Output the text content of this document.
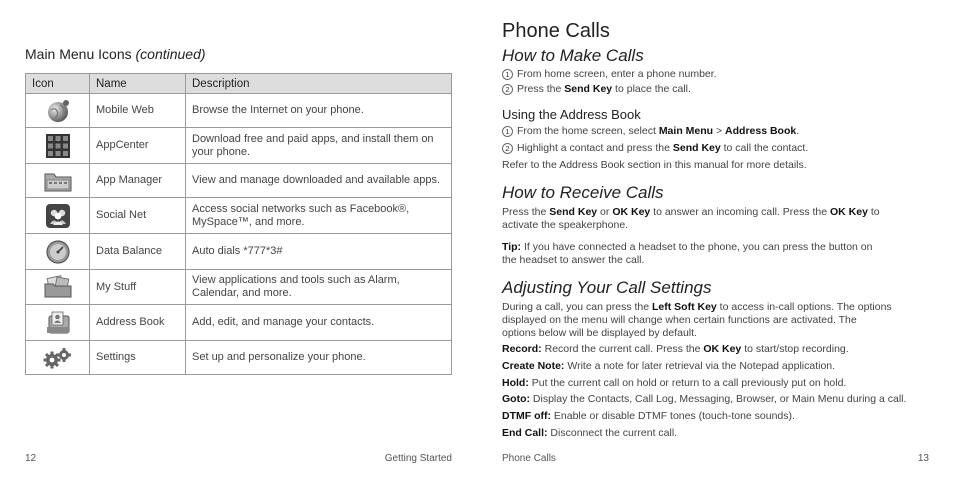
Main Menu Icons (continued)
Icon	Name	Description
	Mobile Web	Browse the Internet on your phone.
	AppCenter	Download free and paid apps, and install them on your phone.
	App Manager	View and manage downloaded and available apps.
	Social Net	Access social networks such as Facebook®, MySpace™, and more.
	Data Balance	Auto dials *777*3#
	My Stuff	View applications and tools such as Alarm, Calendar, and more.
	Address Book	Add, edit, and manage your contacts.
	Settings	Set up and personalize your phone.
12	Getting Started
Phone Calls
How to Make Calls
1 From home screen, enter a phone number.
2 Press the Send Key to place the call.
Using the Address Book
1 From the home screen, select Main Menu > Address Book.
2 Highlight a contact and press the Send Key to call the contact.
Refer to the Address Book section in this manual for more details.
How to Receive Calls
Press the Send Key or OK Key to answer an incoming call. Press the OK Key to
activate the speakerphone.
Tip: If you have connected a headset to the phone, you can press the button on
the headset to answer the call.
Adjusting Your Call Settings
During a call, you can press the Left Soft Key to access in-call options. The options
displayed on the menu will change when certain functions are activated. The
options below will be displayed by default.
Record: Record the current call. Press the OK Key to start/stop recording.
Create Note: Write a note for later retrieval via the Notepad application.
Hold: Put the current call on hold or return to a call previously put on hold.
Goto: Display the Contacts, Call Log, Messaging, Browser, or Main Menu during a call.
DTMF off: Enable or disable DTMF tones (touch-tone sounds).
End Call: Disconnect the current call.
Phone Calls	13
